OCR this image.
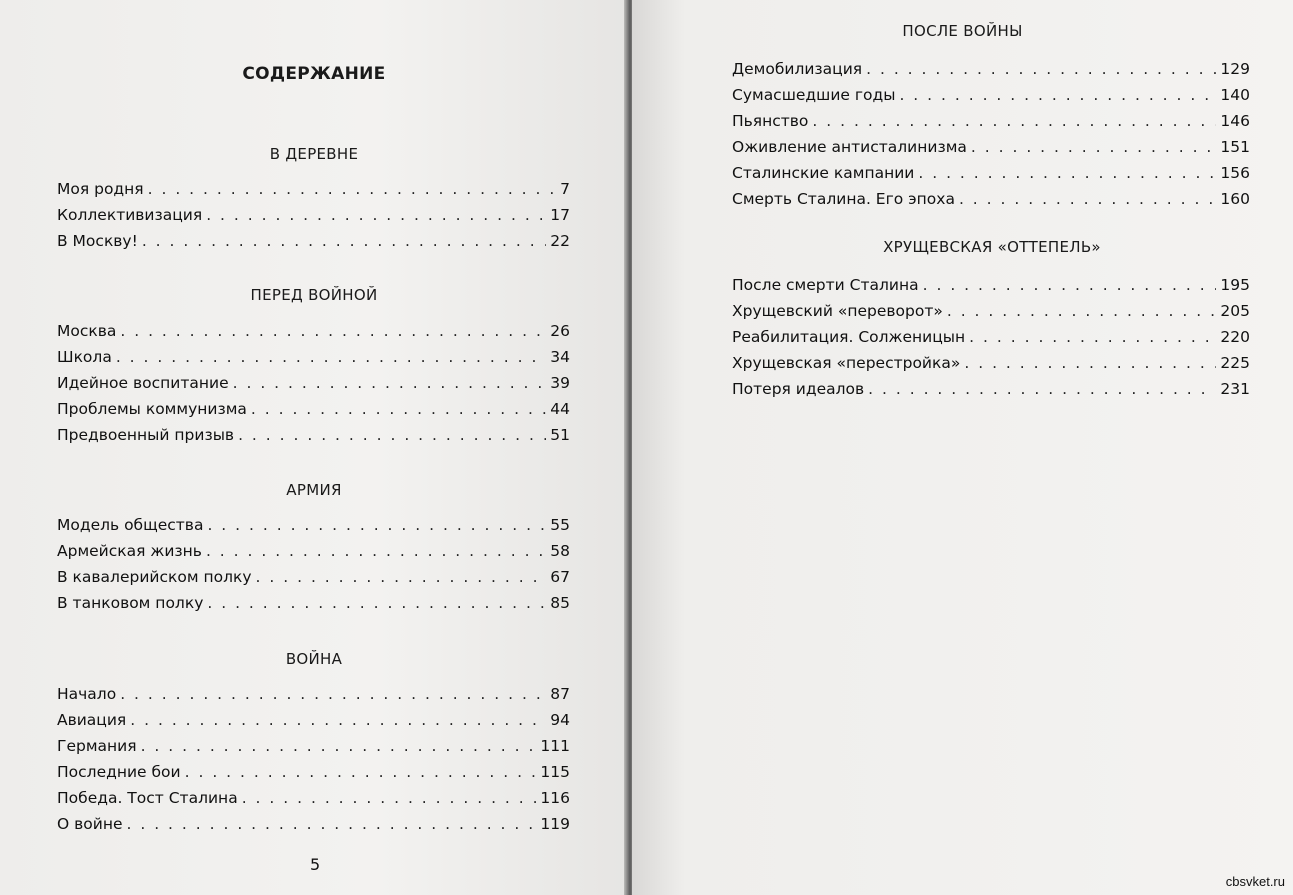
СОДЕРЖАНИЕ
В ДЕРЕВНЕ
Моя родня . . .	7
Коллективизация . . .	17
В Москву! . . .	22
ПЕРЕД ВОЙНОЙ
Москва . . .	26
Школа . . .	34
Идейное воспитание . . .	39
Проблемы коммунизма . . .	44
Предвоенный призыв . . .	51
АРМИЯ
Модель общества . . .	55
Армейская жизнь . . .	58
В кавалерийском полку . . .	67
В танковом полку . . .	85
ВОЙНА
Начало . . .	87
Авиация . . .	94
Германия . . .	111
Последние бои . . .	115
Победа. Тост Сталина . . .	116
О войне . . .	119
5
ПОСЛЕ ВОЙНЫ
Демобилизация . . .	129
Сумасшедшие годы . . .	140
Пьянство . . .	146
Оживление антисталинизма . . .	151
Сталинские кампании . . .	156
Смерть Сталина. Его эпоха . . .	160
ХРУЩЕВСКАЯ «ОТТЕПЕЛЬ»
После смерти Сталина . . .	195
Хрущевский «переворот» . . .	205
Реабилитация. Солженицын . . .	220
Хрущевская «перестройка» . . .	225
Потеря идеалов . . .	231
cbsvket.ru
